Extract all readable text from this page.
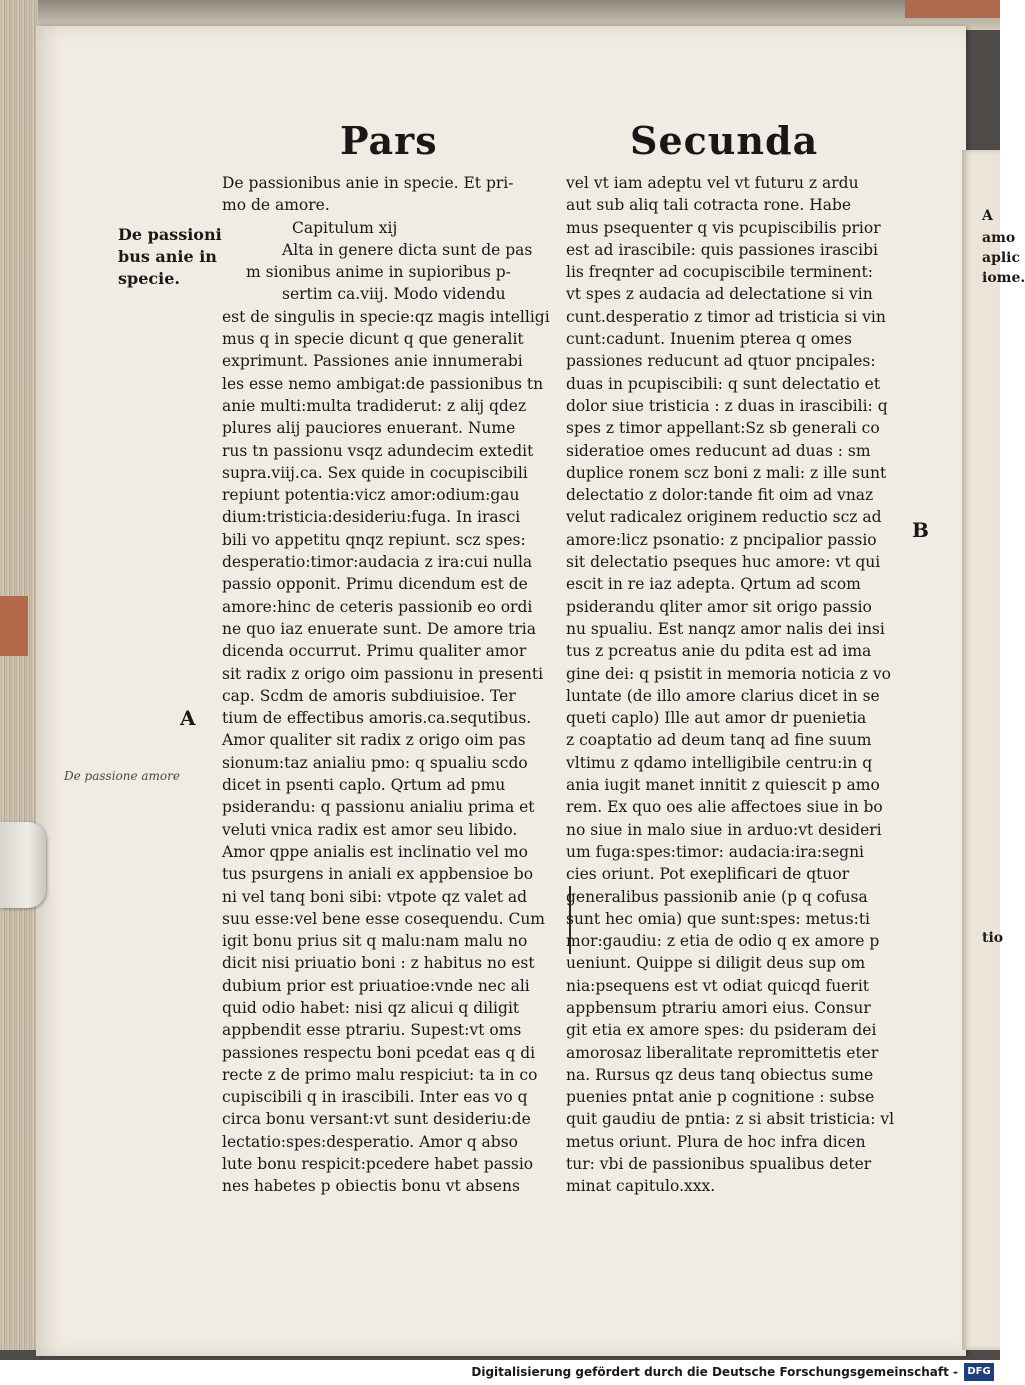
A
amo
aplic
iome.
tio
Pars	Secunda
De passioni
bus anie in
specie.
A
B
De passione amore
De passionibus anie in specie. Et pri-
mo de amore.
Capitulum xij
Alta in genere dicta sunt de pas
m sionibus anime in supioribus p-
sertim ca.viij. Modo videndu
est de singulis in specie:qz magis intelligi
mus q in specie dicunt q que generalit
exprimunt. Passiones anie innumerabi
les esse nemo ambigat:de passionibus tn
anie multi:multa tradiderut: z alij qdez
plures alij pauciores enuerant. Nume
rus tn passionu vsqz adundecim extedit
supra.viij.ca. Sex quide in cocupiscibili
repiunt potentia:vicz amor:odium:gau
dium:tristicia:desideriu:fuga. In irasci
bili vo appetitu qnqz repiunt. scz spes:
desperatio:timor:audacia z ira:cui nulla
passio opponit. Primu dicendum est de
amore:hinc de ceteris passionib eo ordi
ne quo iaz enuerate sunt. De amore tria
dicenda occurrut. Primu qualiter amor
sit radix z origo oim passionu in presenti
cap. Scdm de amoris subdiuisioe. Ter
tium de effectibus amoris.ca.sequtibus.
Amor qualiter sit radix z origo oim pas
sionum:taz anialiu pmo: q spualiu scdo
dicet in psenti caplo. Qrtum ad pmu
psiderandu: q passionu anialiu prima et
veluti vnica radix est amor seu libido.
Amor qppe anialis est inclinatio vel mo
tus psurgens in aniali ex appbensioe bo
ni vel tanq boni sibi: vtpote qz valet ad
suu esse:vel bene esse cosequendu. Cum
igit bonu prius sit q malu:nam malu no
dicit nisi priuatio boni : z habitus no est
dubium prior est priuatioe:vnde nec ali
quid odio habet: nisi qz alicui q diligit
appbendit esse ptrariu. Supest:vt oms
passiones respectu boni pcedat eas q di
recte z de primo malu respiciut: ta in co
cupiscibili q in irascibili. Inter eas vo q
circa bonu versant:vt sunt desideriu:de
lectatio:spes:desperatio. Amor q abso
lute bonu respicit:pcedere habet passio
nes habetes p obiectis bonu vt absens
vel vt iam adeptu vel vt futuru z ardu
aut sub aliq tali cotracta rone. Habe
mus psequenter q vis pcupiscibilis prior
est ad irascibile: quis passiones irascibi
lis freqnter ad cocupiscibile terminent:
vt spes z audacia ad delectatione si vin
cunt.desperatio z timor ad tristicia si vin
cunt:cadunt. Inuenim pterea q omes
passiones reducunt ad qtuor pncipales:
duas in pcupiscibili: q sunt delectatio et
dolor siue tristicia : z duas in irascibili: q
spes z timor appellant:Sz sb generali co
sideratioe omes reducunt ad duas : sm
duplice ronem scz boni z mali: z ille sunt
delectatio z dolor:tande fit oim ad vnaz
velut radicalez originem reductio scz ad
amore:licz psonatio: z pncipalior passio
sit delectatio pseques huc amore: vt qui
escit in re iaz adepta. Qrtum ad scom
psiderandu qliter amor sit origo passio
nu spualiu. Est nanqz amor nalis dei insi
tus z pcreatus anie du pdita est ad ima
gine dei: q psistit in memoria noticia z vo
luntate (de illo amore clarius dicet in se
queti caplo) Ille aut amor dr puenietia
z coaptatio ad deum tanq ad fine suum
vltimu z qdamo intelligibile centru:in q
ania iugit manet innitit z quiescit p amo
rem. Ex quo oes alie affectoes siue in bo
no siue in malo siue in arduo:vt desideri
um fuga:spes:timor: audacia:ira:segni
cies oriunt. Pot exeplificari de qtuor
generalibus passionib anie (p q cofusa
sunt hec omia) que sunt:spes: metus:ti
mor:gaudiu: z etia de odio q ex amore p
ueniunt. Quippe si diligit deus sup om
nia:psequens est vt odiat quicqd fuerit
appbensum ptrariu amori eius. Consur
git etia ex amore spes: du psideram dei
amorosaz liberalitate repromittetis eter
na. Rursus qz deus tanq obiectus sume
puenies pntat anie p cognitione : subse
quit gaudiu de pntia: z si absit tristicia: vl
metus oriunt. Plura de hoc infra dicen
tur: vbi de passionibus spualibus deter
minat capitulo.xxx.
Digitalisierung gefördert durch die Deutsche Forschungsgemeinschaft - DFG
